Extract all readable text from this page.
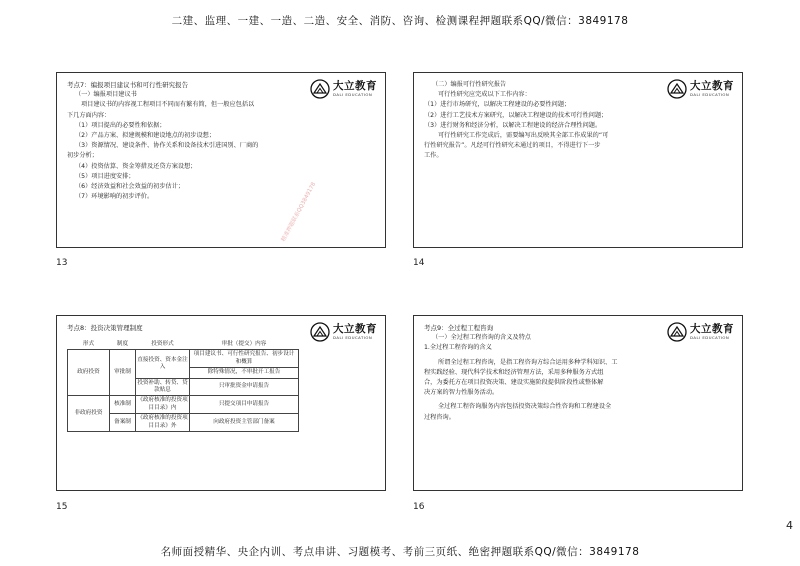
二建、监理、一建、一造、二造、安全、消防、咨询、检测课程押题联系QQ/微信：3849178
大立教育
DALI EDUCATION

考点7：编报项目建议书和可行性研究报告

（一）编报项目建议书

项目建议书的内容视工程项目不同而有繁有简，但一般应包括以

下几方面内容：

（1）项目提出的必要性和依据；

（2）产品方案、拟建规模和建设地点的初步设想；

（3）资源情况、建设条件、协作关系和设备技术引进国别、厂商的

初步分析；

（4）投资估算、资金筹措及还贷方案设想；

（5）项目进度安排；

（6）经济效益和社会效益的初步估计；

（7）环境影响的初步评价。	精准押题联系QQ3849178
13
大立教育
DALI EDUCATION

（二）编报可行性研究报告

可行性研究应完成以下工作内容：

（1）进行市场研究，以解决工程建设的必要性问题；

（2）进行工艺技术方案研究，以解决工程建设的技术可行性问题；

（3）进行财务和经济分析，以解决工程建设的经济合理性问题。

可行性研究工作完成后，需要编写出反映其全部工作成果的“可

行性研究报告”。凡经可行性研究未通过的项目，不得进行下一步

工作。

14
大立教育
DALI EDUCATION

考点8：投资决策管理制度

形式	制度	投资形式	审批（提交）内容
政府投资	审批制	直接投资、资本金注入	项目建议书、可行性研究报告、初步设计和概算
			除特殊情况，不审批开工报告
		投资补助、转贷、贷款贴息	只审批资金申请报告
非政府投资	核准制	《政府核准的投资项目目录》内	只提交项目申请报告
	备案制	《政府核准的投资项目目录》外	向政府投资主管部门备案
15
大立教育
DALI EDUCATION

考点9：全过程工程咨询

（一）全过程工程咨询的含义及特点

1.全过程工程咨询的含义

所谓全过程工程咨询，是指工程咨询方综合运用多种学科知识、工

程实践经验、现代科学技术和经济管理方法，采用多种服务方式组

合，为委托方在项目投资决策、建设实施阶段提供阶段性或整体解

决方案的智力性服务活动。

全过程工程咨询服务内容包括投资决策综合性咨询和工程建设全

过程咨询。

16
4
名师面授精华、央企内训、考点串讲、习题模考、考前三页纸、绝密押题联系QQ/微信：3849178
